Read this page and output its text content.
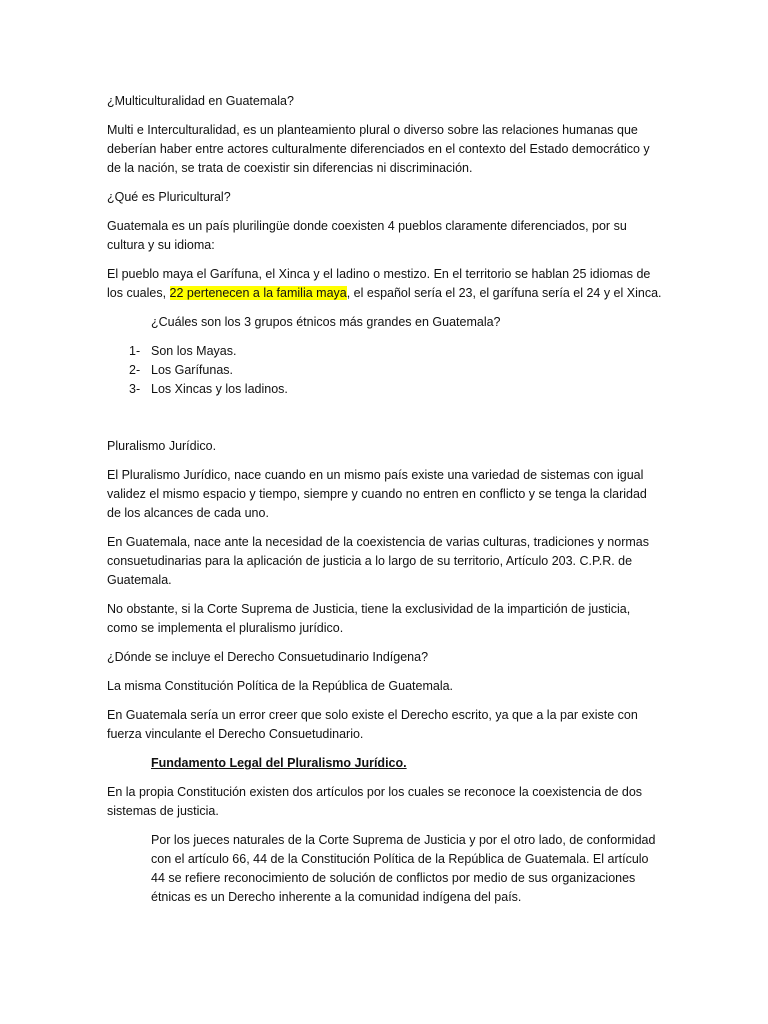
¿Multiculturalidad en Guatemala?

Multi e Interculturalidad, es un planteamiento plural o diverso sobre las relaciones humanas que deberían haber entre actores culturalmente diferenciados en el contexto del Estado democrático y de la nación, se trata de coexistir sin diferencias ni discriminación.

¿Qué es Pluricultural?

Guatemala es un país plurilingüe donde coexisten 4 pueblos claramente diferenciados, por su cultura y su idioma:

El pueblo maya el Garífuna, el Xinca y el ladino o mestizo. En el territorio se hablan 25 idiomas de los cuales, 22 pertenecen a la familia maya, el español sería el 23, el garífuna sería el 24 y el Xinca.

¿Cuáles son los 3 grupos étnicos más grandes en Guatemala?

1- Son los Mayas.
2- Los Garífunas.
3- Los Xincas y los ladinos.

Pluralismo Jurídico.

El Pluralismo Jurídico, nace cuando en un mismo país existe una variedad de sistemas con igual validez el mismo espacio y tiempo, siempre y cuando no entren en conflicto y se tenga la claridad de los alcances de cada uno.

En Guatemala, nace ante la necesidad de la coexistencia de varias culturas, tradiciones y normas consuetudinarias para la aplicación de justicia a lo largo de su territorio, Artículo 203. C.P.R. de Guatemala.

No obstante, si la Corte Suprema de Justicia, tiene la exclusividad de la impartición de justicia, como se implementa el pluralismo jurídico.

¿Dónde se incluye el Derecho Consuetudinario Indígena?

La misma Constitución Política de la República de Guatemala.

En Guatemala sería un error creer que solo existe el Derecho escrito, ya que a la par existe con fuerza vinculante el Derecho Consuetudinario.

Fundamento Legal del Pluralismo Jurídico.

En la propia Constitución existen dos artículos por los cuales se reconoce la coexistencia de dos sistemas de justicia.

Por los jueces naturales de la Corte Suprema de Justicia y por el otro lado, de conformidad con el artículo 66, 44 de la Constitución Política de la República de Guatemala. El artículo 44 se refiere reconocimiento de solución de conflictos por medio de sus organizaciones étnicas es un Derecho inherente a la comunidad indígena del país.
